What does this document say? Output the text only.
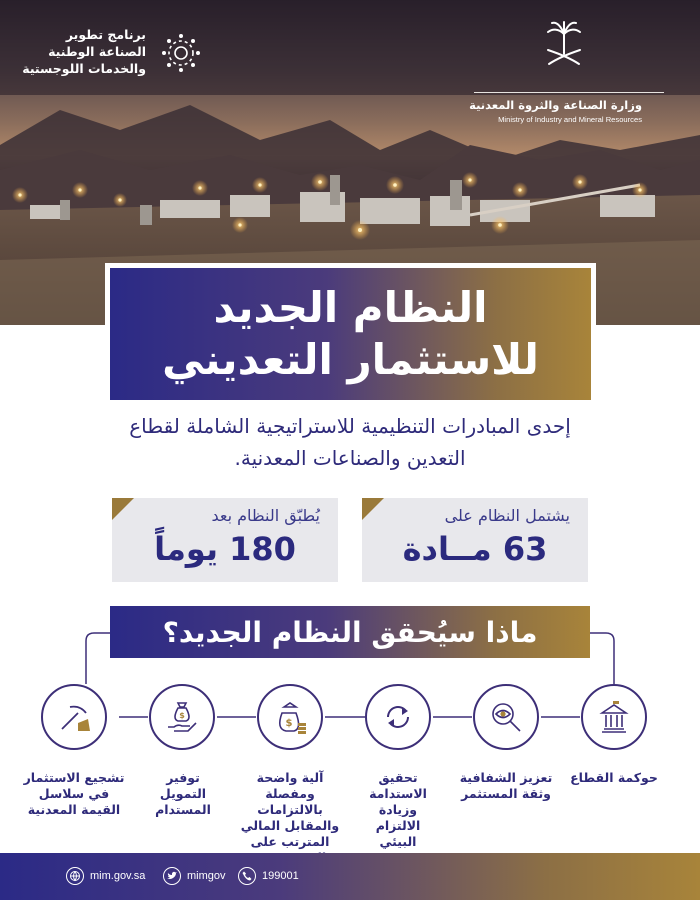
برنامج تطوير الصناعة الوطنية والخدمات اللوجستية
وزارة الصناعة والثروة المعدنية
Ministry of Industry and Mineral Resources
النظام الجديد
للاستثمار التعديني
إحدى المبادرات التنظيمية للاستراتيجية الشاملة لقطاع التعدين والصناعات المعدنية.
يشتمل النظام على
63 مــادة
يُطبّق النظام بعد
180 يوماً
ماذا سيُحقق النظام الجديد؟
$
$
حوكمة القطاع
تعزيز الشفافية وثقة المستثمر
تحقيق الاستدامة وزيادة الالتزام البيئي
آلية واضحة ومفصلة بالالتزامات والمقابل المالي المترتب على
توفير التمويل المستدام
تشجيع الاستثمار في سلاسل القيمة المعدنية
mim.gov.sa	mimgov	199001
